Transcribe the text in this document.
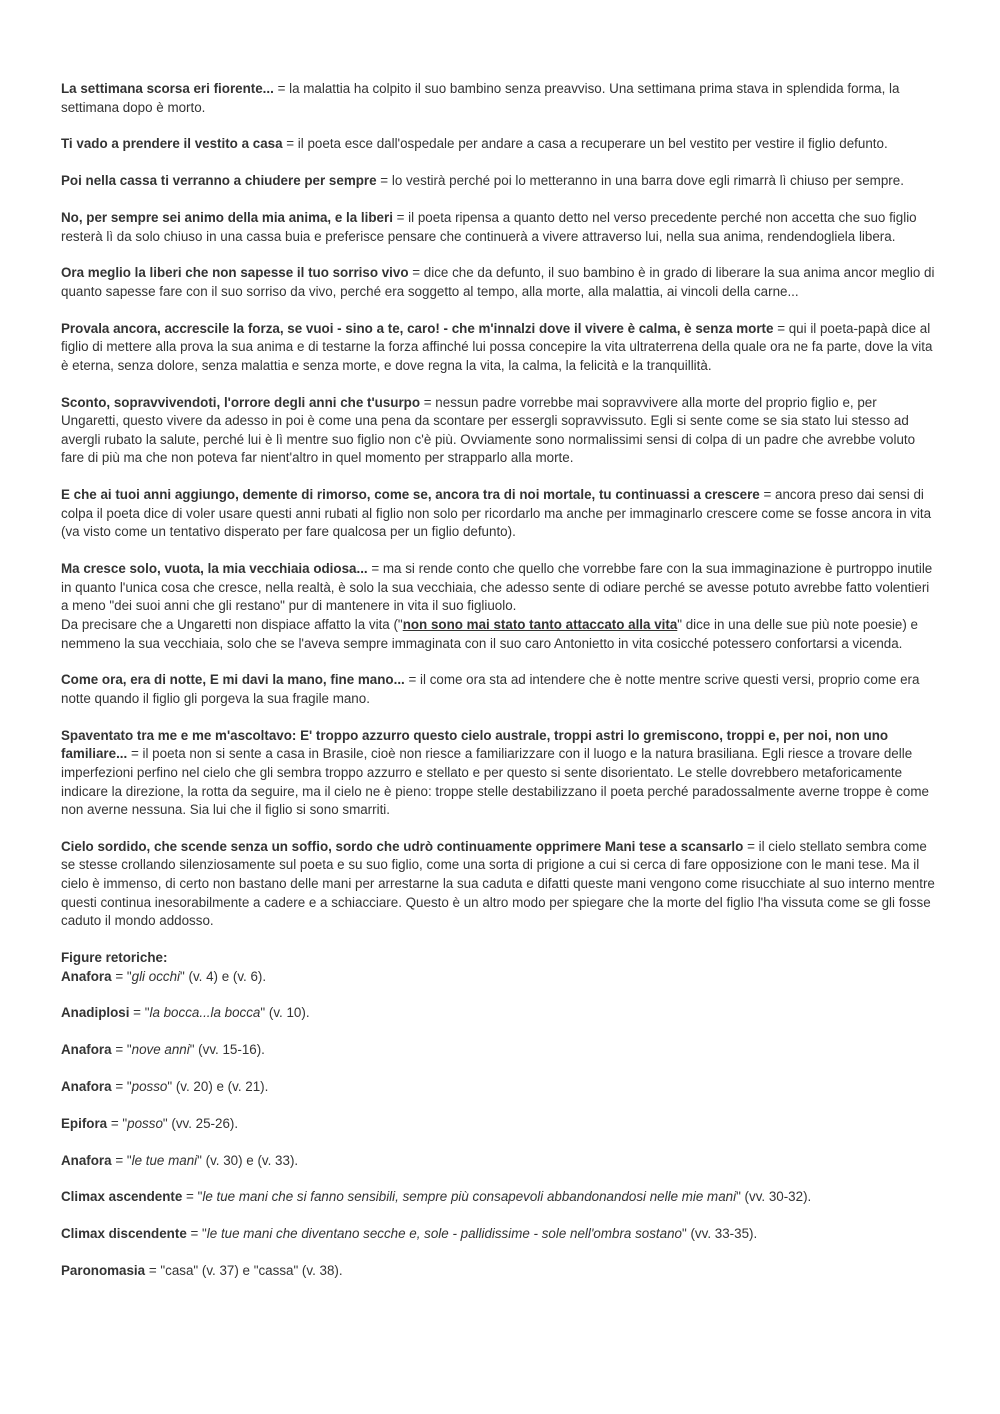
La settimana scorsa eri fiorente... = la malattia ha colpito il suo bambino senza preavviso. Una settimana prima stava in splendida forma, la settimana dopo è morto.

Ti vado a prendere il vestito a casa = il poeta esce dall'ospedale per andare a casa a recuperare un bel vestito per vestire il figlio defunto.

Poi nella cassa ti verranno a chiudere per sempre = lo vestirà perché poi lo metteranno in una barra dove egli rimarrà lì chiuso per sempre.

No, per sempre sei animo della mia anima, e la liberi = il poeta ripensa a quanto detto nel verso precedente perché non accetta che suo figlio resterà lì da solo chiuso in una cassa buia e preferisce pensare che continuerà a vivere attraverso lui, nella sua anima, rendendogliela libera.

Ora meglio la liberi che non sapesse il tuo sorriso vivo = dice che da defunto, il suo bambino è in grado di liberare la sua anima ancor meglio di quanto sapesse fare con il suo sorriso da vivo, perché era soggetto al tempo, alla morte, alla malattia, ai vincoli della carne...

Provala ancora, accrescile la forza, se vuoi - sino a te, caro! - che m'innalzi dove il vivere è calma, è senza morte = qui il poeta-papà dice al figlio di mettere alla prova la sua anima e di testarne la forza affinché lui possa concepire la vita ultraterrena della quale ora ne fa parte, dove la vita è eterna, senza dolore, senza malattia e senza morte, e dove regna la vita, la calma, la felicità e la tranquillità.

Sconto, sopravvivendoti, l'orrore degli anni che t'usurpo = nessun padre vorrebbe mai sopravvivere alla morte del proprio figlio e, per Ungaretti, questo vivere da adesso in poi è come una pena da scontare per essergli sopravvissuto. Egli si sente come se sia stato lui stesso ad avergli rubato la salute, perché lui è lì mentre suo figlio non c'è più. Ovviamente sono normalissimi sensi di colpa di un padre che avrebbe voluto fare di più ma che non poteva far nient'altro in quel momento per strapparlo alla morte.

E che ai tuoi anni aggiungo, demente di rimorso, come se, ancora tra di noi mortale, tu continuassi a crescere = ancora preso dai sensi di colpa il poeta dice di voler usare questi anni rubati al figlio non solo per ricordarlo ma anche per immaginarlo crescere come se fosse ancora in vita (va visto come un tentativo disperato per fare qualcosa per un figlio defunto).

Ma cresce solo, vuota, la mia vecchiaia odiosa... = ma si rende conto che quello che vorrebbe fare con la sua immaginazione è purtroppo inutile in quanto l'unica cosa che cresce, nella realtà, è solo la sua vecchiaia, che adesso sente di odiare perché se avesse potuto avrebbe fatto volentieri a meno "dei suoi anni che gli restano" pur di mantenere in vita il suo figliuolo.
Da precisare che a Ungaretti non dispiace affatto la vita ("non sono mai stato tanto attaccato alla vita" dice in una delle sue più note poesie) e nemmeno la sua vecchiaia, solo che se l'aveva sempre immaginata con il suo caro Antonietto in vita cosicché potessero confortarsi a vicenda.

Come ora, era di notte, E mi davi la mano, fine mano... = il come ora sta ad intendere che è notte mentre scrive questi versi, proprio come era notte quando il figlio gli porgeva la sua fragile mano.

Spaventato tra me e me m'ascoltavo: E' troppo azzurro questo cielo australe, troppi astri lo gremiscono, troppi e, per noi, non uno familiare... = il poeta non si sente a casa in Brasile, cioè non riesce a familiarizzare con il luogo e la natura brasiliana. Egli riesce a trovare delle imperfezioni perfino nel cielo che gli sembra troppo azzurro e stellato e per questo si sente disorientato. Le stelle dovrebbero metaforicamente indicare la direzione, la rotta da seguire, ma il cielo ne è pieno: troppe stelle destabilizzano il poeta perché paradossalmente averne troppe è come non averne nessuna. Sia lui che il figlio si sono smarriti.

Cielo sordido, che scende senza un soffio, sordo che udrò continuamente opprimere Mani tese a scansarlo = il cielo stellato sembra come se stesse crollando silenziosamente sul poeta e su suo figlio, come una sorta di prigione a cui si cerca di fare opposizione con le mani tese. Ma il cielo è immenso, di certo non bastano delle mani per arrestarne la sua caduta e difatti queste mani vengono come risucchiate al suo interno mentre questi continua inesorabilmente a cadere e a schiacciare. Questo è un altro modo per spiegare che la morte del figlio l'ha vissuta come se gli fosse caduto il mondo addosso.

Figure retoriche:

Anafora = "gli occhi" (v. 4) e (v. 6).

Anadiplosi = "la bocca...la bocca" (v. 10).

Anafora = "nove anni" (vv. 15-16).

Anafora = "posso" (v. 20) e (v. 21).

Epifora = "posso" (vv. 25-26).

Anafora = "le tue mani" (v. 30) e (v. 33).

Climax ascendente = "le tue mani che si fanno sensibili, sempre più consapevoli abbandonandosi nelle mie mani" (vv. 30-32).

Climax discendente = "le tue mani che diventano secche e, sole - pallidissime - sole nell'ombra sostano" (vv. 33-35).

Paronomasia = "casa" (v. 37) e "cassa" (v. 38).
